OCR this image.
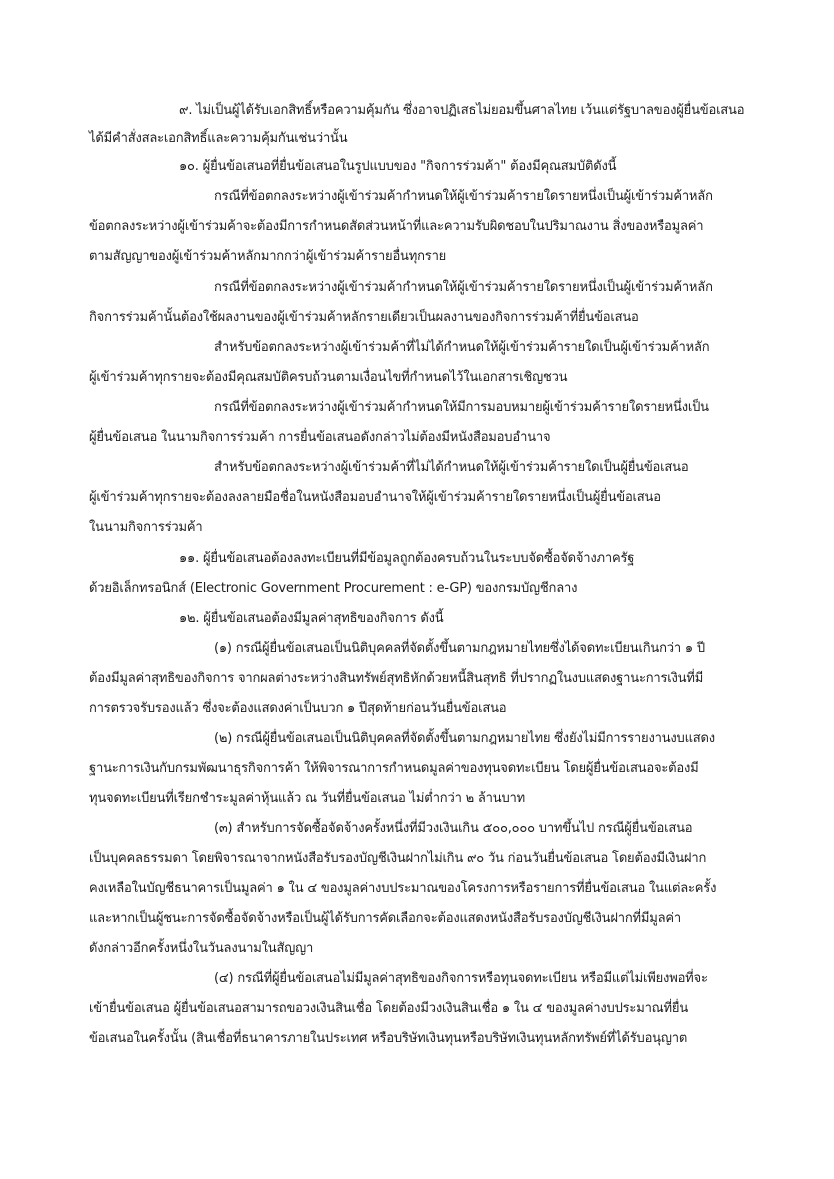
๙. ไม่เป็นผู้ได้รับเอกสิทธิ์หรือความคุ้มกัน ซึ่งอาจปฏิเสธไม่ยอมขึ้นศาลไทย เว้นแต่รัฐบาลของผู้ยื่นข้อเสนอ
ได้มีคำสั่งสละเอกสิทธิ์และความคุ้มกันเช่นว่านั้น
๑๐. ผู้ยื่นข้อเสนอที่ยื่นข้อเสนอในรูปแบบของ "กิจการร่วมค้า" ต้องมีคุณสมบัติดังนี้
กรณีที่ข้อตกลงระหว่างผู้เข้าร่วมค้ากำหนดให้ผู้เข้าร่วมค้ารายใดรายหนึ่งเป็นผู้เข้าร่วมค้าหลัก
ข้อตกลงระหว่างผู้เข้าร่วมค้าจะต้องมีการกำหนดสัดส่วนหน้าที่และความรับผิดชอบในปริมาณงาน สิ่งของหรือมูลค่า
ตามสัญญาของผู้เข้าร่วมค้าหลักมากกว่าผู้เข้าร่วมค้ารายอื่นทุกราย
กรณีที่ข้อตกลงระหว่างผู้เข้าร่วมค้ากำหนดให้ผู้เข้าร่วมค้ารายใดรายหนึ่งเป็นผู้เข้าร่วมค้าหลัก
กิจการร่วมค้านั้นต้องใช้ผลงานของผู้เข้าร่วมค้าหลักรายเดียวเป็นผลงานของกิจการร่วมค้าที่ยื่นข้อเสนอ
สำหรับข้อตกลงระหว่างผู้เข้าร่วมค้าที่ไม่ได้กำหนดให้ผู้เข้าร่วมค้ารายใดเป็นผู้เข้าร่วมค้าหลัก
ผู้เข้าร่วมค้าทุกรายจะต้องมีคุณสมบัติครบถ้วนตามเงื่อนไขที่กำหนดไว้ในเอกสารเชิญชวน
กรณีที่ข้อตกลงระหว่างผู้เข้าร่วมค้ากำหนดให้มีการมอบหมายผู้เข้าร่วมค้ารายใดรายหนึ่งเป็น
ผู้ยื่นข้อเสนอ ในนามกิจการร่วมค้า การยื่นข้อเสนอดังกล่าวไม่ต้องมีหนังสือมอบอำนาจ
สำหรับข้อตกลงระหว่างผู้เข้าร่วมค้าที่ไม่ได้กำหนดให้ผู้เข้าร่วมค้ารายใดเป็นผู้ยื่นข้อเสนอ
ผู้เข้าร่วมค้าทุกรายจะต้องลงลายมือชื่อในหนังสือมอบอำนาจให้ผู้เข้าร่วมค้ารายใดรายหนึ่งเป็นผู้ยื่นข้อเสนอ
ในนามกิจการร่วมค้า
๑๑. ผู้ยื่นข้อเสนอต้องลงทะเบียนที่มีข้อมูลถูกต้องครบถ้วนในระบบจัดซื้อจัดจ้างภาครัฐ
ด้วยอิเล็กทรอนิกส์ (Electronic Government Procurement : e-GP) ของกรมบัญชีกลาง
๑๒. ผู้ยื่นข้อเสนอต้องมีมูลค่าสุทธิของกิจการ ดังนี้
(๑) กรณีผู้ยื่นข้อเสนอเป็นนิติบุคคลที่จัดตั้งขึ้นตามกฎหมายไทยซึ่งได้จดทะเบียนเกินกว่า ๑ ปี
ต้องมีมูลค่าสุทธิของกิจการ จากผลต่างระหว่างสินทรัพย์สุทธิหักด้วยหนี้สินสุทธิ ที่ปรากฏในงบแสดงฐานะการเงินที่มี
การตรวจรับรองแล้ว ซึ่งจะต้องแสดงค่าเป็นบวก ๑ ปีสุดท้ายก่อนวันยื่นข้อเสนอ
(๒) กรณีผู้ยื่นข้อเสนอเป็นนิติบุคคลที่จัดตั้งขึ้นตามกฎหมายไทย ซึ่งยังไม่มีการรายงานงบแสดง
ฐานะการเงินกับกรมพัฒนาธุรกิจการค้า ให้พิจารณาการกำหนดมูลค่าของทุนจดทะเบียน โดยผู้ยื่นข้อเสนอจะต้องมี
ทุนจดทะเบียนที่เรียกชำระมูลค่าหุ้นแล้ว ณ วันที่ยื่นข้อเสนอ ไม่ต่ำกว่า ๒ ล้านบาท
(๓) สำหรับการจัดซื้อจัดจ้างครั้งหนึ่งที่มีวงเงินเกิน ๕๐๐,๐๐๐ บาทขึ้นไป กรณีผู้ยื่นข้อเสนอ
เป็นบุคคลธรรมดา โดยพิจารณาจากหนังสือรับรองบัญชีเงินฝากไม่เกิน ๙๐ วัน ก่อนวันยื่นข้อเสนอ โดยต้องมีเงินฝาก
คงเหลือในบัญชีธนาคารเป็นมูลค่า ๑ ใน ๔ ของมูลค่างบประมาณของโครงการหรือรายการที่ยื่นข้อเสนอ ในแต่ละครั้ง
และหากเป็นผู้ชนะการจัดซื้อจัดจ้างหรือเป็นผู้ได้รับการคัดเลือกจะต้องแสดงหนังสือรับรองบัญชีเงินฝากที่มีมูลค่า
ดังกล่าวอีกครั้งหนึ่งในวันลงนามในสัญญา
(๔) กรณีที่ผู้ยื่นข้อเสนอไม่มีมูลค่าสุทธิของกิจการหรือทุนจดทะเบียน หรือมีแต่ไม่เพียงพอที่จะ
เข้ายื่นข้อเสนอ ผู้ยื่นข้อเสนอสามารถขอวงเงินสินเชื่อ โดยต้องมีวงเงินสินเชื่อ ๑ ใน ๔ ของมูลค่างบประมาณที่ยื่น
ข้อเสนอในครั้งนั้น (สินเชื่อที่ธนาคารภายในประเทศ หรือบริษัทเงินทุนหรือบริษัทเงินทุนหลักทรัพย์ที่ได้รับอนุญาต
